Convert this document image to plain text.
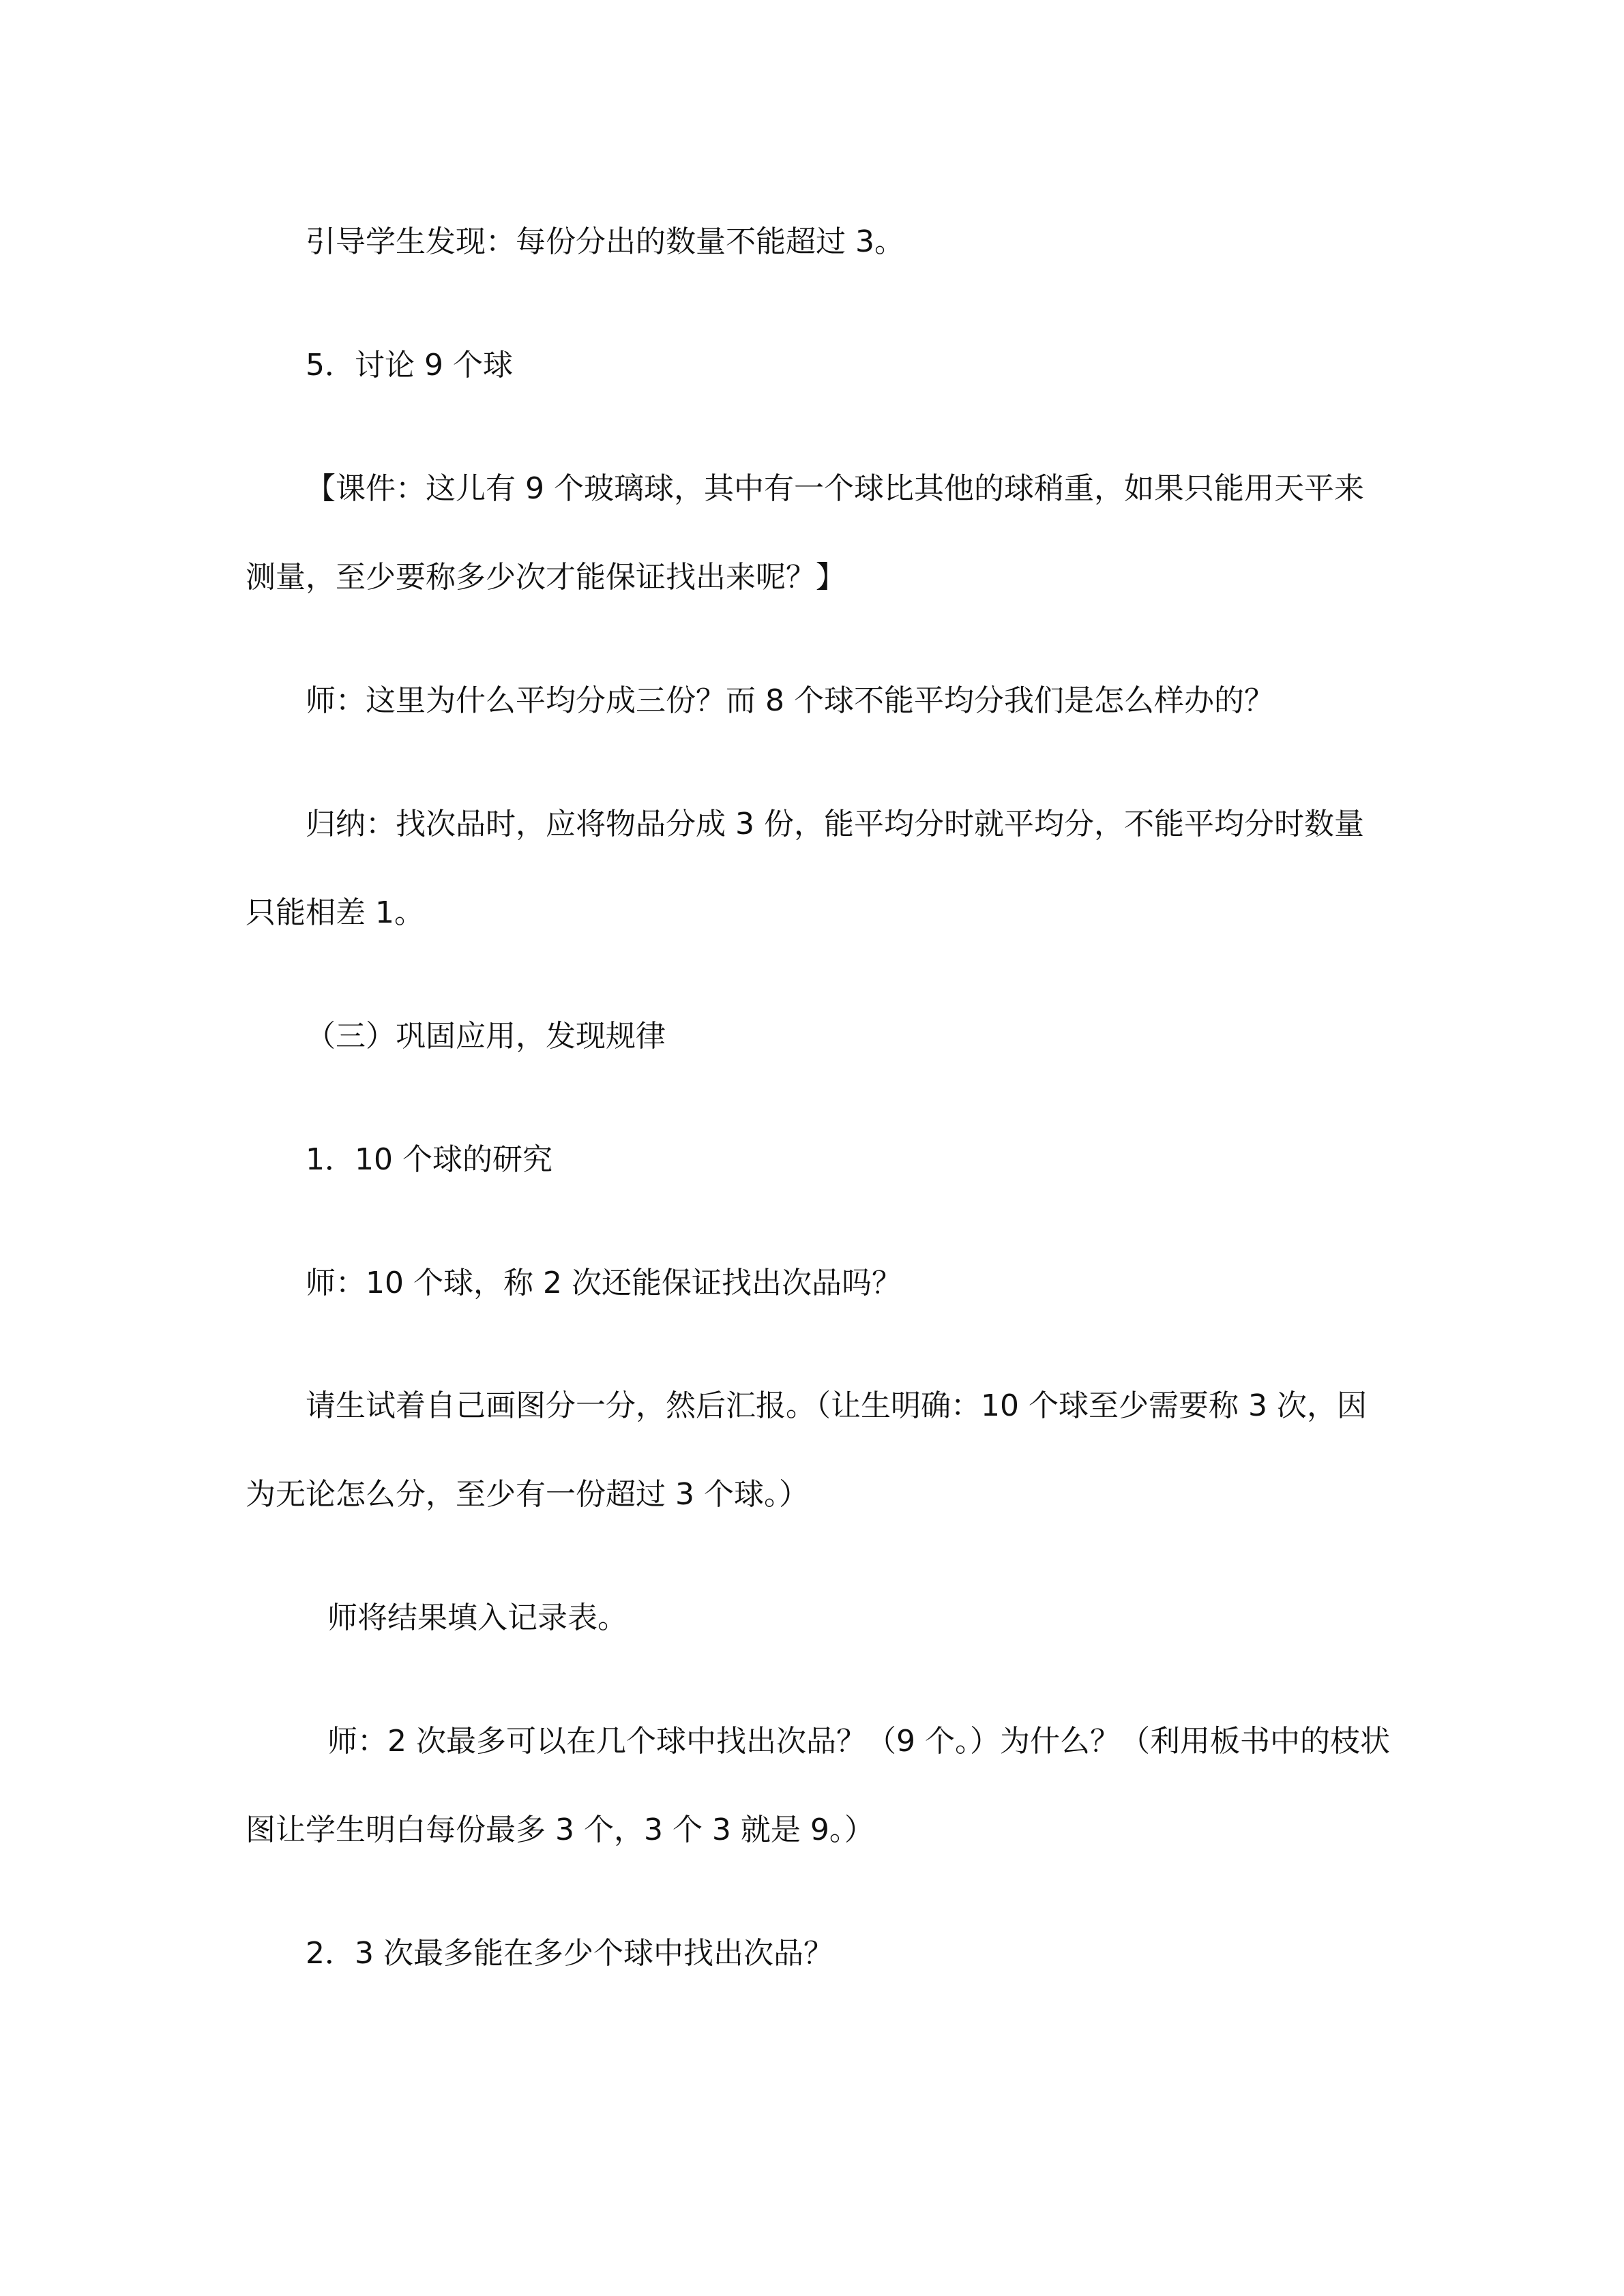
引导学生发现：每份分出的数量不能超过 3。

5．讨论 9 个球

【课件：这儿有 9 个玻璃球，其中有一个球比其他的球稍重，如果只能用天平来测量，至少要称多少次才能保证找出来呢？】

师：这里为什么平均分成三份？而 8 个球不能平均分我们是怎么样办的？

归纳：找次品时，应将物品分成 3 份，能平均分时就平均分，不能平均分时数量只能相差 1。

（三）巩固应用，发现规律

1．10 个球的研究

师：10 个球，称 2 次还能保证找出次品吗？

请生试着自己画图分一分，然后汇报。（让生明确：10 个球至少需要称 3 次，因为无论怎么分，至少有一份超过 3 个球。）

师将结果填入记录表。

师：2 次最多可以在几个球中找出次品？（9 个。）为什么？（利用板书中的枝状图让学生明白每份最多 3 个，3 个 3 就是 9。）

2．3 次最多能在多少个球中找出次品？
